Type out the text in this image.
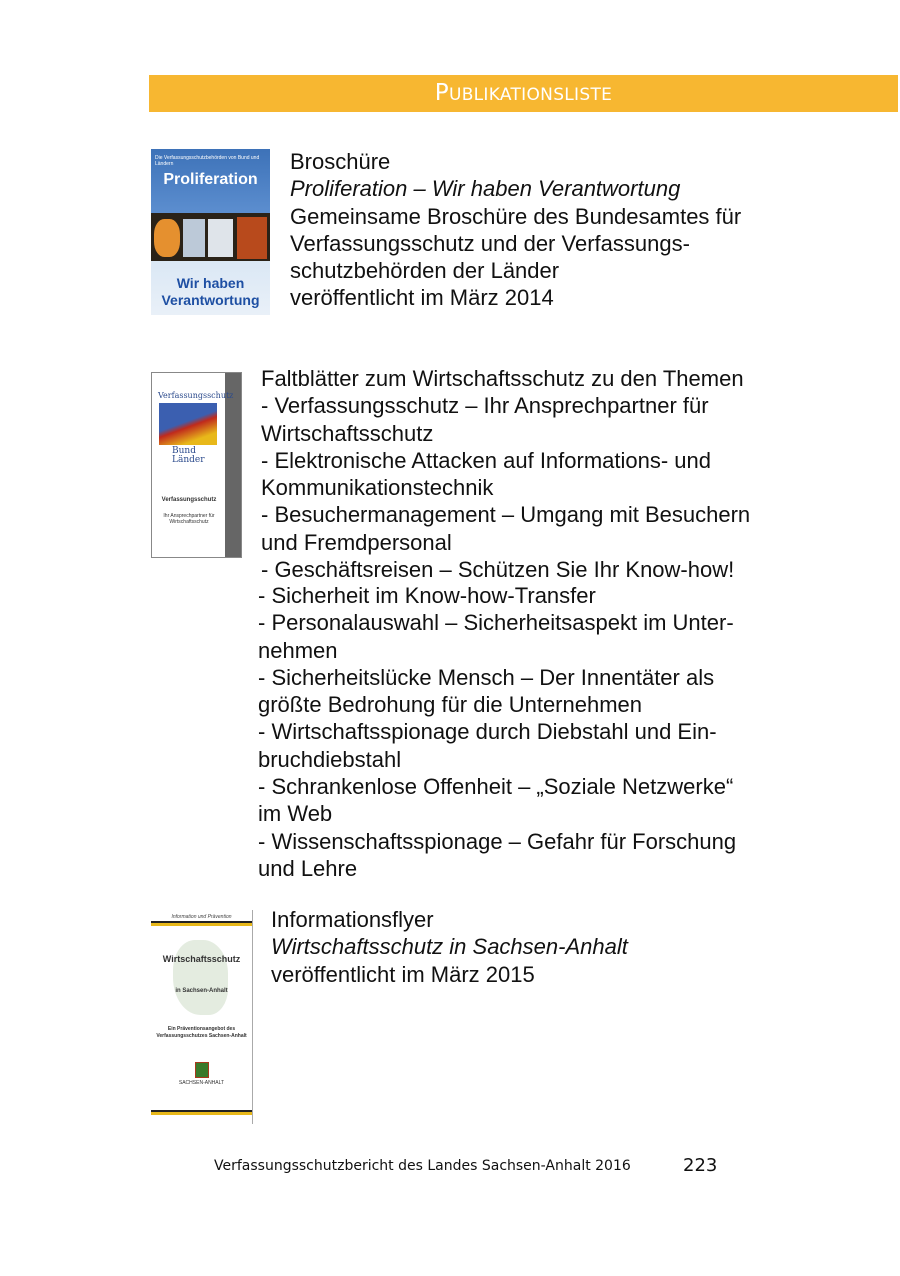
PUBLIKATIONSLISTE
Die Verfassungsschutzbehörden von Bund und Ländern
Proliferation
Wir haben
Verantwortung
Broschüre
Proliferation – Wir haben Verantwortung
Gemeinsame Broschüre des Bundesamtes für
Verfassungsschutz und der Verfassungs-
schutzbehörden der Länder
veröffentlicht im März 2014
Verfassungsschutz
Bund
Länder
Verfassungsschutz
Ihr Ansprechpartner für Wirtschaftsschutz
Faltblätter zum Wirtschaftsschutz zu den Themen
- Verfassungsschutz – Ihr Ansprechpartner für
Wirtschaftsschutz
- Elektronische Attacken auf Informations- und
Kommunikationstechnik
- Besuchermanagement – Umgang mit Besuchern
und Fremdpersonal
- Geschäftsreisen – Schützen Sie Ihr Know-how!
- Sicherheit im Know-how-Transfer
- Personalauswahl – Sicherheitsaspekt im Unter-
nehmen
- Sicherheitslücke Mensch – Der Innentäter als
größte Bedrohung für die Unternehmen
- Wirtschaftsspionage durch Diebstahl und Ein-
bruchdiebstahl
- Schrankenlose Offenheit – „Soziale Netzwerke“
im Web
- Wissenschaftsspionage – Gefahr für Forschung
und Lehre
Information und Prävention
Wirtschaftsschutz
in Sachsen-Anhalt
Ein Präventionsangebot des Verfassungsschutzes Sachsen-Anhalt
SACHSEN-ANHALT
Informationsflyer
Wirtschaftsschutz in Sachsen-Anhalt
veröffentlicht im März 2015
Verfassungsschutzbericht des Landes Sachsen-Anhalt 2016	223
